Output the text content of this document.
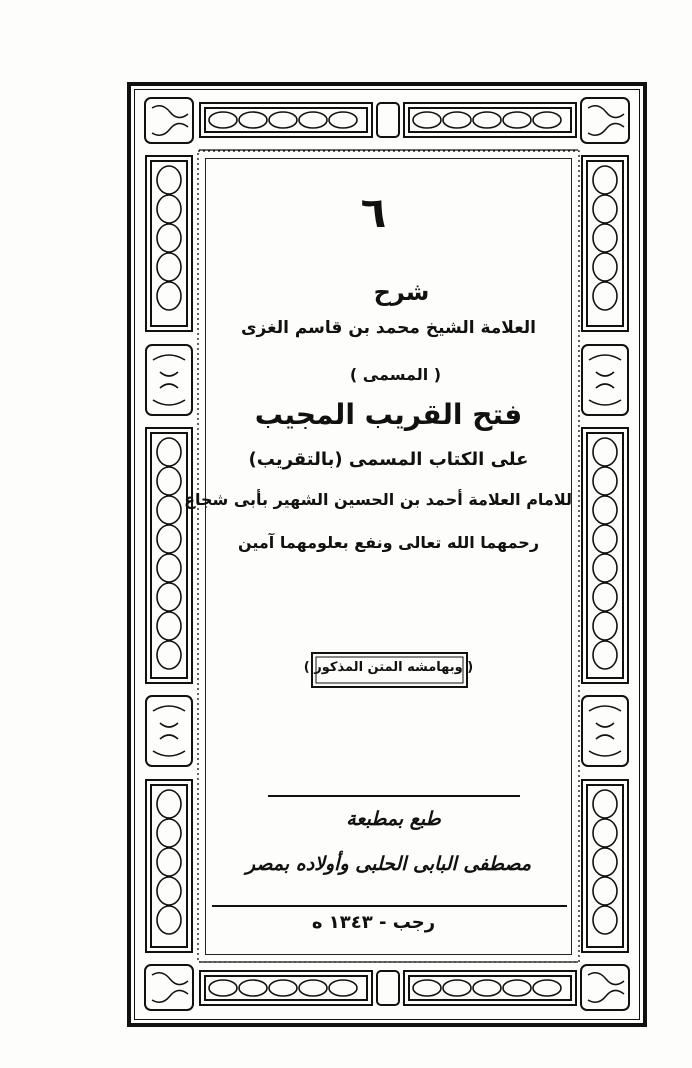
٦
شرح
العلامة الشيخ محمد بن قاسم الغزى
( المسمى )
فتح القريب المجيب
على الكتاب المسمى (بالتقريب)
للامام العلامة أحمد بن الحسين الشهير بأبى شجاع
رحمهما الله تعالى ونفع بعلومهما آمين
( وبهامشه المتن المذكور )
طبع بمطبعة
مصطفى البابى الحلبى وأولاده بمصر
رجب - ١٣٤٣ ه
